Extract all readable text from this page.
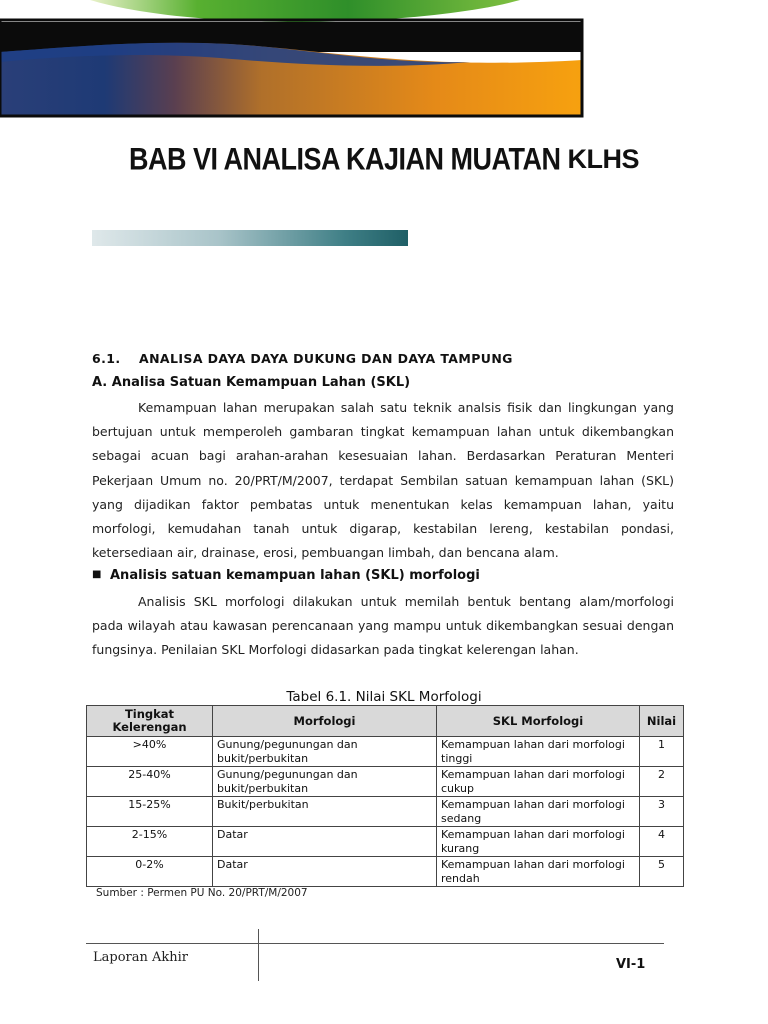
BAB VI ANALISA KAJIAN MUATAN KLHS
6.1. ANALISA DAYA DAYA DUKUNG DAN DAYA TAMPUNG
A. Analisa Satuan Kemampuan Lahan (SKL)
Kemampuan lahan merupakan salah satu teknik analsis fisik dan lingkungan yang bertujuan untuk memperoleh gambaran tingkat kemampuan lahan untuk dikembangkan sebagai acuan bagi arahan-arahan kesesuaian lahan. Berdasarkan Peraturan Menteri Pekerjaan Umum no. 20/PRT/M/2007, terdapat Sembilan satuan kemampuan lahan (SKL) yang dijadikan faktor pembatas untuk menentukan kelas kemampuan lahan, yaitu morfologi, kemudahan tanah untuk digarap, kestabilan lereng, kestabilan pondasi, ketersediaan air, drainase, erosi, pembuangan limbah, dan bencana alam.
■ Analisis satuan kemampuan lahan (SKL) morfologi
Analisis SKL morfologi dilakukan untuk memilah bentuk bentang alam/morfologi pada wilayah atau kawasan perencanaan yang mampu untuk dikembangkan sesuai dengan fungsinya. Penilaian SKL Morfologi didasarkan pada tingkat kelerengan lahan.
Tabel 6.1. Nilai SKL Morfologi
Tingkat Kelerengan	Morfologi	SKL Morfologi	Nilai
>40%	Gunung/pegunungan dan bukit/perbukitan	Kemampuan lahan dari morfologi tinggi	1
25-40%	Gunung/pegunungan dan bukit/perbukitan	Kemampuan lahan dari morfologi cukup	2
15-25%	Bukit/perbukitan	Kemampuan lahan dari morfologi sedang	3
2-15%	Datar	Kemampuan lahan dari morfologi kurang	4
0-2%	Datar	Kemampuan lahan dari morfologi rendah	5
Sumber : Permen PU No. 20/PRT/M/2007
Laporan Akhir	VI-1
